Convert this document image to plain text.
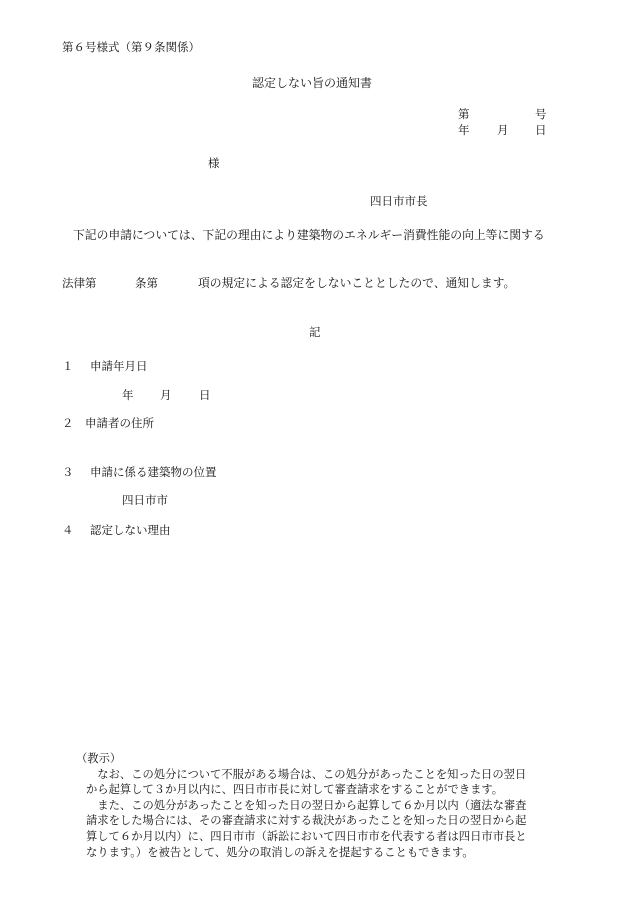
第６号様式（第９条関係）
認定しない旨の通知書
第	号
年 月 日
様
四日市市長
下記の申請については、下記の理由により建築物のエネルギー消費性能の向上等に関する
法律第	条第	項の規定による認定をしないこととしたので、通知します。
記
１	申請年月日
年 月 日
２	申請者の住所
３	申請に係る建築物の位置
四日市市
４	認定しない理由

（教示）

なお、この処分について不服がある場合は、この処分があったことを知った日の翌日

から起算して３か月以内に、四日市市長に対して審査請求をすることができます。

また、この処分があったことを知った日の翌日から起算して６か月以内（適法な審査

請求をした場合には、その審査請求に対する裁決があったことを知った日の翌日から起

算して６か月以内）に、四日市市（訴訟において四日市市を代表する者は四日市市長と

なります。）を被告として、処分の取消しの訴えを提起することもできます。
